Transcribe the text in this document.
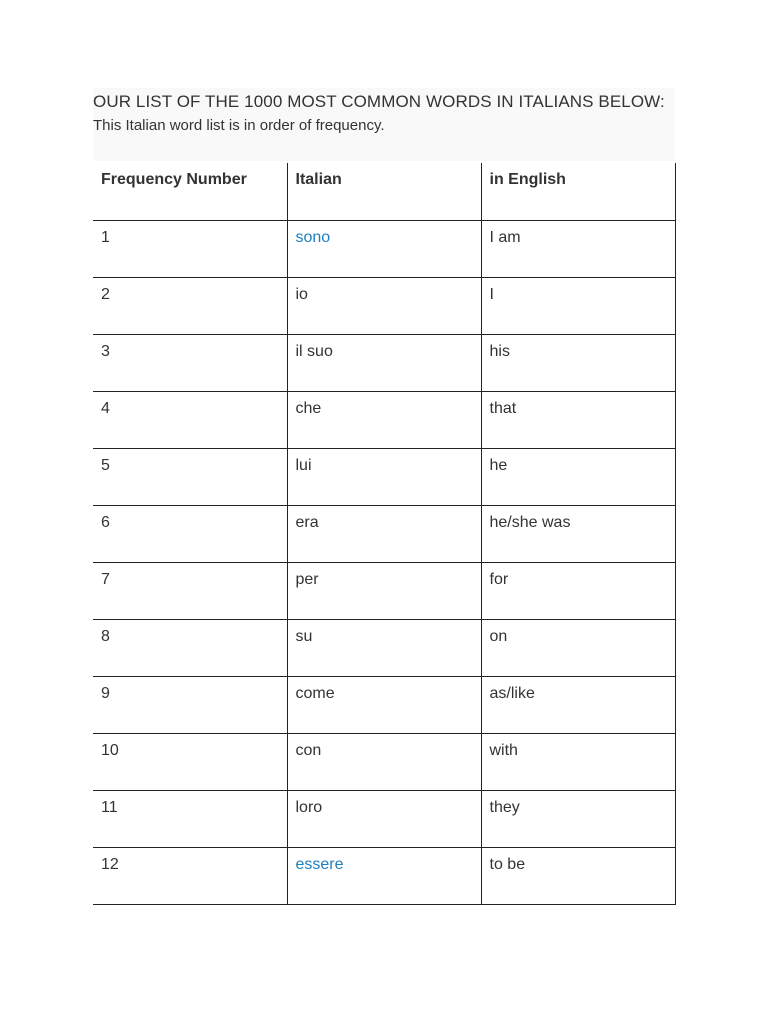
OUR LIST OF THE 1000 MOST COMMON WORDS IN ITALIANS BELOW:

This Italian word list is in order of frequency.

Frequency Number	Italian	in English
1	sono	I am
2	io	I
3	il suo	his
4	che	that
5	lui	he
6	era	he/she was
7	per	for
8	su	on
9	come	as/like
10	con	with
11	loro	they
12	essere	to be
